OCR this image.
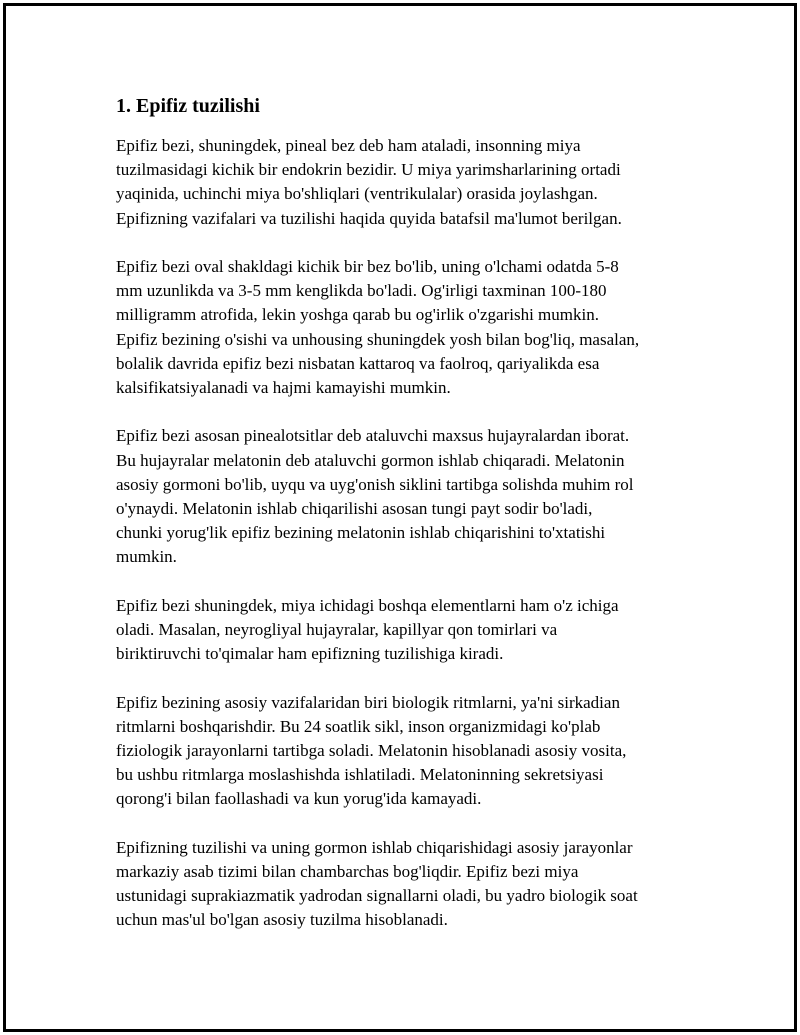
1. Epifiz tuzilishi

Epifiz bezi, shuningdek, pineal bez deb ham ataladi, insonning miya
tuzilmasidagi kichik bir endokrin bezidir. U miya yarimsharlarining ortadi
yaqinida, uchinchi miya bo'shliqlari (ventrikulalar) orasida joylashgan.
Epifizning vazifalari va tuzilishi haqida quyida batafsil ma'lumot berilgan.

Epifiz bezi oval shakldagi kichik bir bez bo'lib, uning o'lchami odatda 5-8
mm uzunlikda va 3-5 mm kenglikda bo'ladi. Og'irligi taxminan 100-180
milligramm atrofida, lekin yoshga qarab bu og'irlik o'zgarishi mumkin.
Epifiz bezining o'sishi va unhousing shuningdek yosh bilan bog'liq, masalan,
bolalik davrida epifiz bezi nisbatan kattaroq va faolroq, qariyalikda esa
kalsifikatsiyalanadi va hajmi kamayishi mumkin.

Epifiz bezi asosan pinealotsitlar deb ataluvchi maxsus hujayralardan iborat.
Bu hujayralar melatonin deb ataluvchi gormon ishlab chiqaradi. Melatonin
asosiy gormoni bo'lib, uyqu va uyg'onish siklini tartibga solishda muhim rol
o'ynaydi. Melatonin ishlab chiqarilishi asosan tungi payt sodir bo'ladi,
chunki yorug'lik epifiz bezining melatonin ishlab chiqarishini to'xtatishi
mumkin.

Epifiz bezi shuningdek, miya ichidagi boshqa elementlarni ham o'z ichiga
oladi. Masalan, neyrogliyal hujayralar, kapillyar qon tomirlari va
biriktiruvchi to'qimalar ham epifizning tuzilishiga kiradi.

Epifiz bezining asosiy vazifalaridan biri biologik ritmlarni, ya'ni sirkadian
ritmlarni boshqarishdir. Bu 24 soatlik sikl, inson organizmidagi ko'plab
fiziologik jarayonlarni tartibga soladi. Melatonin hisoblanadi asosiy vosita,
bu ushbu ritmlarga moslashishda ishlatiladi. Melatoninning sekretsiyasi
qorong'i bilan faollashadi va kun yorug'ida kamayadi.

Epifizning tuzilishi va uning gormon ishlab chiqarishidagi asosiy jarayonlar
markaziy asab tizimi bilan chambarchas bog'liqdir. Epifiz bezi miya
ustunidagi suprakiazmatik yadrodan signallarni oladi, bu yadro biologik soat
uchun mas'ul bo'lgan asosiy tuzilma hisoblanadi.
